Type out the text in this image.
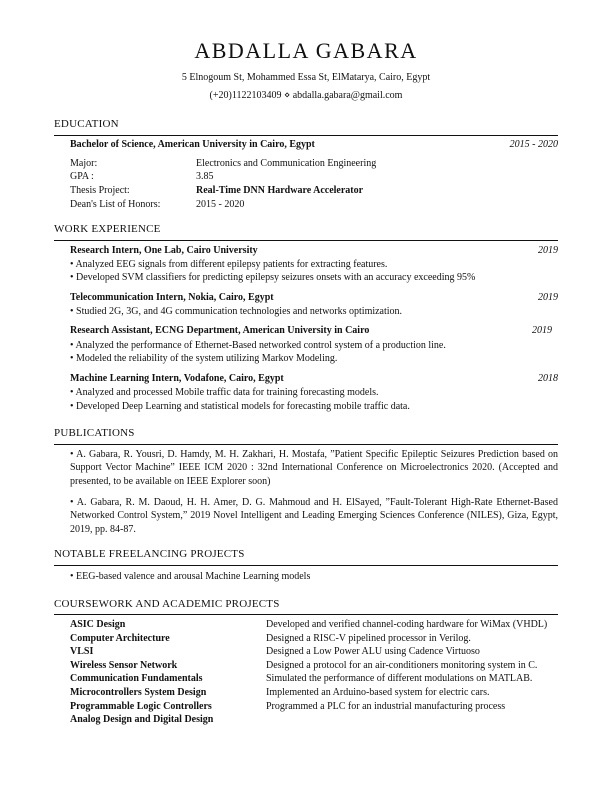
ABDALLA GABARA
5 Elnogoum St, Mohammed Essa St, ElMatarya, Cairo, Egypt
(+20)1122103409 ⋄ abdalla.gabara@gmail.com
EDUCATION
Bachelor of Science, American University in Cairo, Egypt	2015 - 2020
Major:	Electronics and Communication Engineering
GPA :	3.85
Thesis Project:	Real-Time DNN Hardware Accelerator
Dean's List of Honors:	2015 - 2020
WORK EXPERIENCE
Research Intern, One Lab, Cairo University	2019
• Analyzed EEG signals from different epilepsy patients for extracting features.
• Developed SVM classifiers for predicting epilepsy seizures onsets with an accuracy exceeding 95%
Telecommunication Intern, Nokia, Cairo, Egypt	2019
• Studied 2G, 3G, and 4G communication technologies and networks optimization.
Research Assistant, ECNG Department, American University in Cairo	2019
• Analyzed the performance of Ethernet-Based networked control system of a production line.
• Modeled the reliability of the system utilizing Markov Modeling.
Machine Learning Intern, Vodafone, Cairo, Egypt	2018
• Analyzed and processed Mobile traffic data for training forecasting models.
• Developed Deep Learning and statistical models for forecasting mobile traffic data.
PUBLICATIONS
• A. Gabara, R. Yousri, D. Hamdy, M. H. Zakhari, H. Mostafa, ”Patient Specific Epileptic Seizures Prediction based on Support Vector Machine” IEEE ICM 2020 : 32nd International Conference on Microelectronics 2020. (Accepted and presented, to be available on IEEE Explorer soon)
• A. Gabara, R. M. Daoud, H. H. Amer, D. G. Mahmoud and H. ElSayed, ”Fault-Tolerant High-Rate Ethernet-Based Networked Control System,” 2019 Novel Intelligent and Leading Emerging Sciences Conference (NILES), Giza, Egypt, 2019, pp. 84-87.
NOTABLE FREELANCING PROJECTS
• EEG-based valence and arousal Machine Learning models
COURSEWORK AND ACADEMIC PROJECTS
ASIC Design	Developed and verified channel-coding hardware for WiMax (VHDL)
Computer Architecture	Designed a RISC-V pipelined processor in Verilog.
VLSI	Designed a Low Power ALU using Cadence Virtuoso
Wireless Sensor Network	Designed a protocol for an air-conditioners monitoring system in C.
Communication Fundamentals	Simulated the performance of different modulations on MATLAB.
Microcontrollers System Design	Implemented an Arduino-based system for electric cars.
Programmable Logic Controllers	Programmed a PLC for an industrial manufacturing process
Analog Design and Digital Design
